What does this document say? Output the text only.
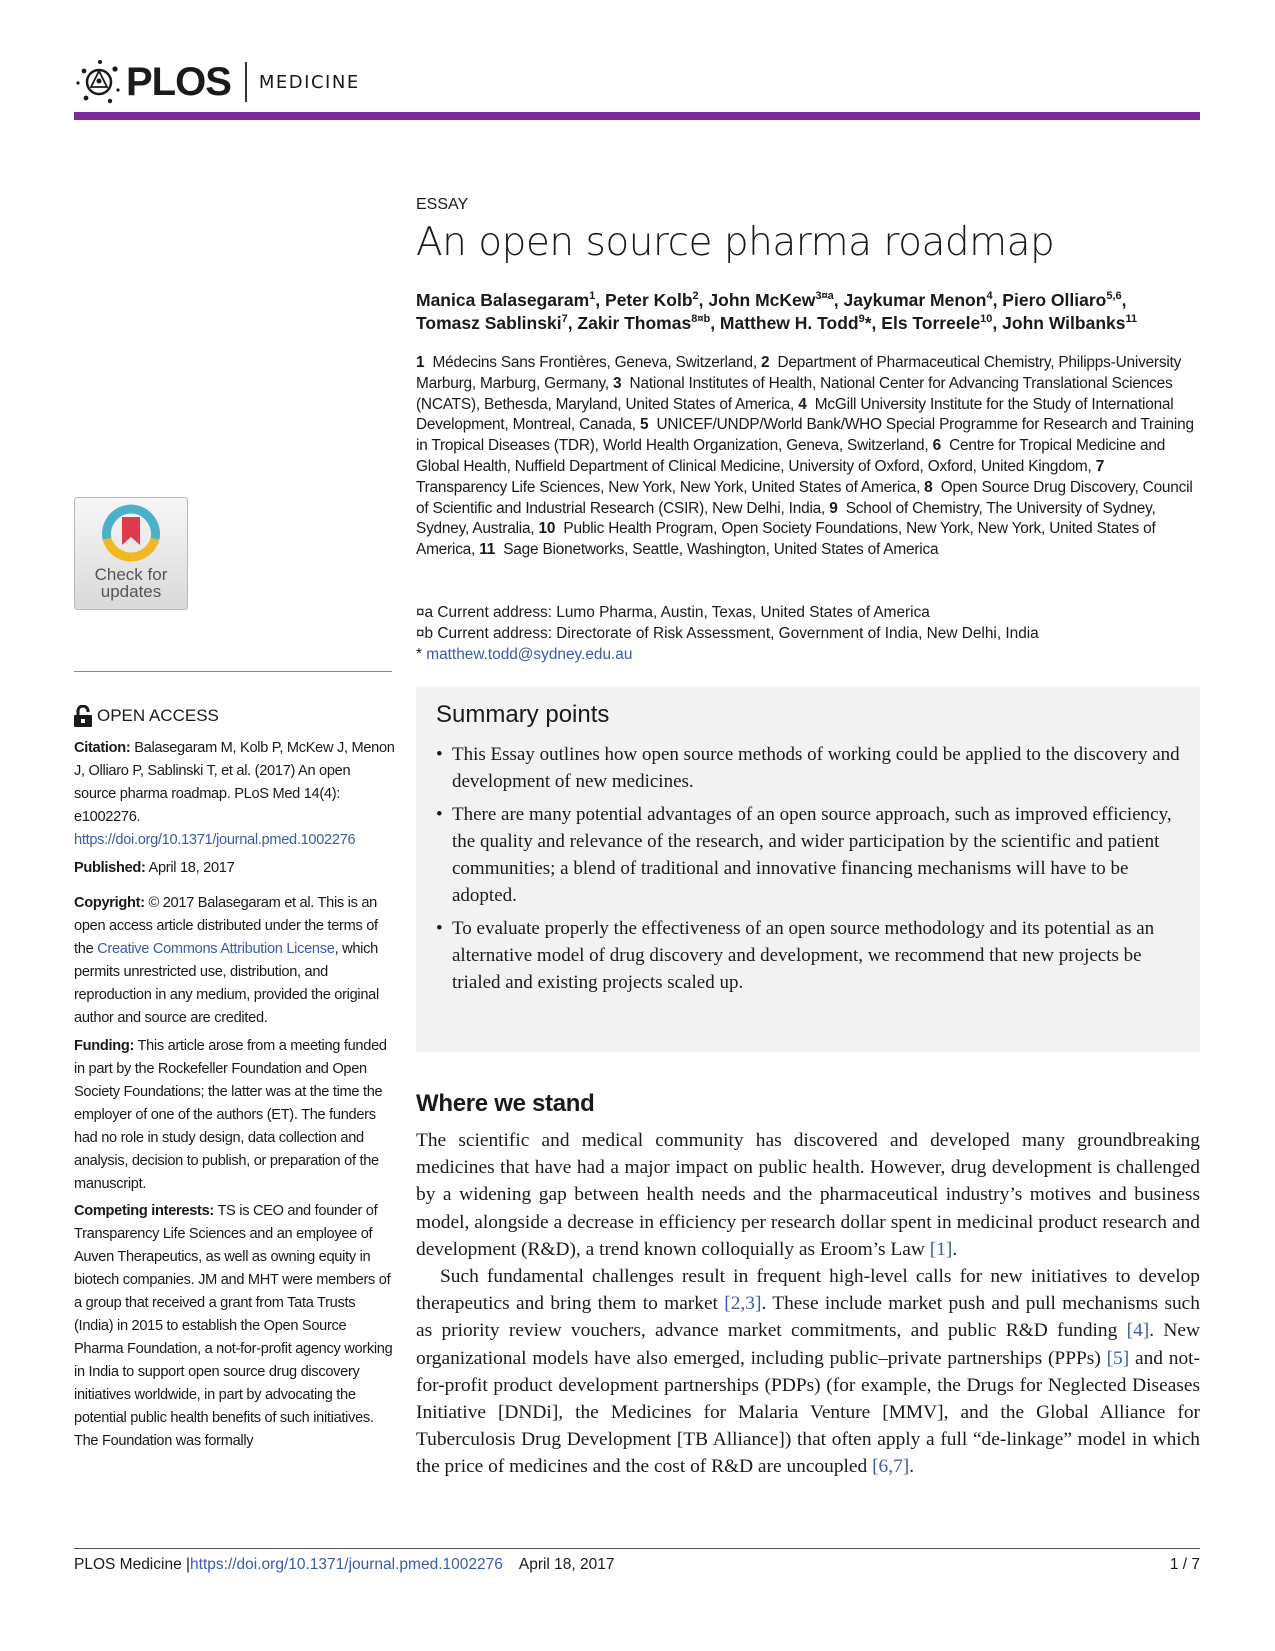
PLOS MEDICINE
Check for
updates
OPEN ACCESS
Citation: Balasegaram M, Kolb P, McKew J, Menon J, Olliaro P, Sablinski T, et al. (2017) An open source pharma roadmap. PLoS Med 14(4): e1002276. https://doi.org/10.1371/journal.pmed.1002276
Published: April 18, 2017
Copyright: © 2017 Balasegaram et al. This is an open access article distributed under the terms of the Creative Commons Attribution License, which permits unrestricted use, distribution, and reproduction in any medium, provided the original author and source are credited.
Funding: This article arose from a meeting funded in part by the Rockefeller Foundation and Open Society Foundations; the latter was at the time the employer of one of the authors (ET). The funders had no role in study design, data collection and analysis, decision to publish, or preparation of the manuscript.
Competing interests: TS is CEO and founder of Transparency Life Sciences and an employee of Auven Therapeutics, as well as owning equity in biotech companies. JM and MHT were members of a group that received a grant from Tata Trusts (India) in 2015 to establish the Open Source Pharma Foundation, a not-for-profit agency working in India to support open source drug discovery initiatives worldwide, in part by advocating the potential public health benefits of such initiatives. The Foundation was formally
ESSAY
An open source pharma roadmap
Manica Balasegaram$^1$, Peter Kolb$^2$, John McKew$^{3¤a}$, Jaykumar Menon$^4$, Piero Olliaro$^{5,6}$,
Tomasz Sablinski$^7$, Zakir Thomas$^{8¤b}$, Matthew H. Todd$^9$*, Els Torreele$^{10}$, John Wilbanks$^{11}$
1  Médecins Sans Frontières, Geneva, Switzerland, 2  Department of Pharmaceutical Chemistry, Philipps-University Marburg, Marburg, Germany, 3  National Institutes of Health, National Center for Advancing Translational Sciences (NCATS), Bethesda, Maryland, United States of America, 4  McGill University Institute for the Study of International Development, Montreal, Canada, 5  UNICEF/UNDP/World Bank/WHO Special Programme for Research and Training in Tropical Diseases (TDR), World Health Organization, Geneva, Switzerland, 6  Centre for Tropical Medicine and Global Health, Nuffield Department of Clinical Medicine, University of Oxford, Oxford, United Kingdom, 7  Transparency Life Sciences, New York, New York, United States of America, 8  Open Source Drug Discovery, Council of Scientific and Industrial Research (CSIR), New Delhi, India, 9  School of Chemistry, The University of Sydney, Sydney, Australia, 10  Public Health Program, Open Society Foundations, New York, New York, United States of America, 11  Sage Bionetworks, Seattle, Washington, United States of America
¤a Current address: Lumo Pharma, Austin, Texas, United States of America
¤b Current address: Directorate of Risk Assessment, Government of India, New Delhi, India
* matthew.todd@sydney.edu.au
Summary points
• This Essay outlines how open source methods of working could be applied to the discovery and development of new medicines.
• There are many potential advantages of an open source approach, such as improved efficiency, the quality and relevance of the research, and wider participation by the scientific and patient communities; a blend of traditional and innovative financing mechanisms will have to be adopted.
• To evaluate properly the effectiveness of an open source methodology and its potential as an alternative model of drug discovery and development, we recommend that new projects be trialed and existing projects scaled up.
Where we stand

The scientific and medical community has discovered and developed many groundbreaking medicines that have had a major impact on public health. However, drug development is challenged by a widening gap between health needs and the pharmaceutical industry’s motives and business model, alongside a decrease in efficiency per research dollar spent in medicinal product research and development (R&D), a trend known colloquially as Eroom’s Law [1].

Such fundamental challenges result in frequent high-level calls for new initiatives to develop therapeutics and bring them to market [2,3]. These include market push and pull mechanisms such as priority review vouchers, advance market commitments, and public R&D funding [4]. New organizational models have also emerged, including public–private partnerships (PPPs) [5] and not-for-profit product development partnerships (PDPs) (for example, the Drugs for Neglected Diseases Initiative [DNDi], the Medicines for Malaria Venture [MMV], and the Global Alliance for Tuberculosis Drug Development [TB Alliance]) that often apply a full “de-linkage” model in which the price of medicines and the cost of R&D are uncoupled [6,7].

PLOS Medicine | https://doi.org/10.1371/journal.pmed.1002276 April 18, 2017	1 / 7
